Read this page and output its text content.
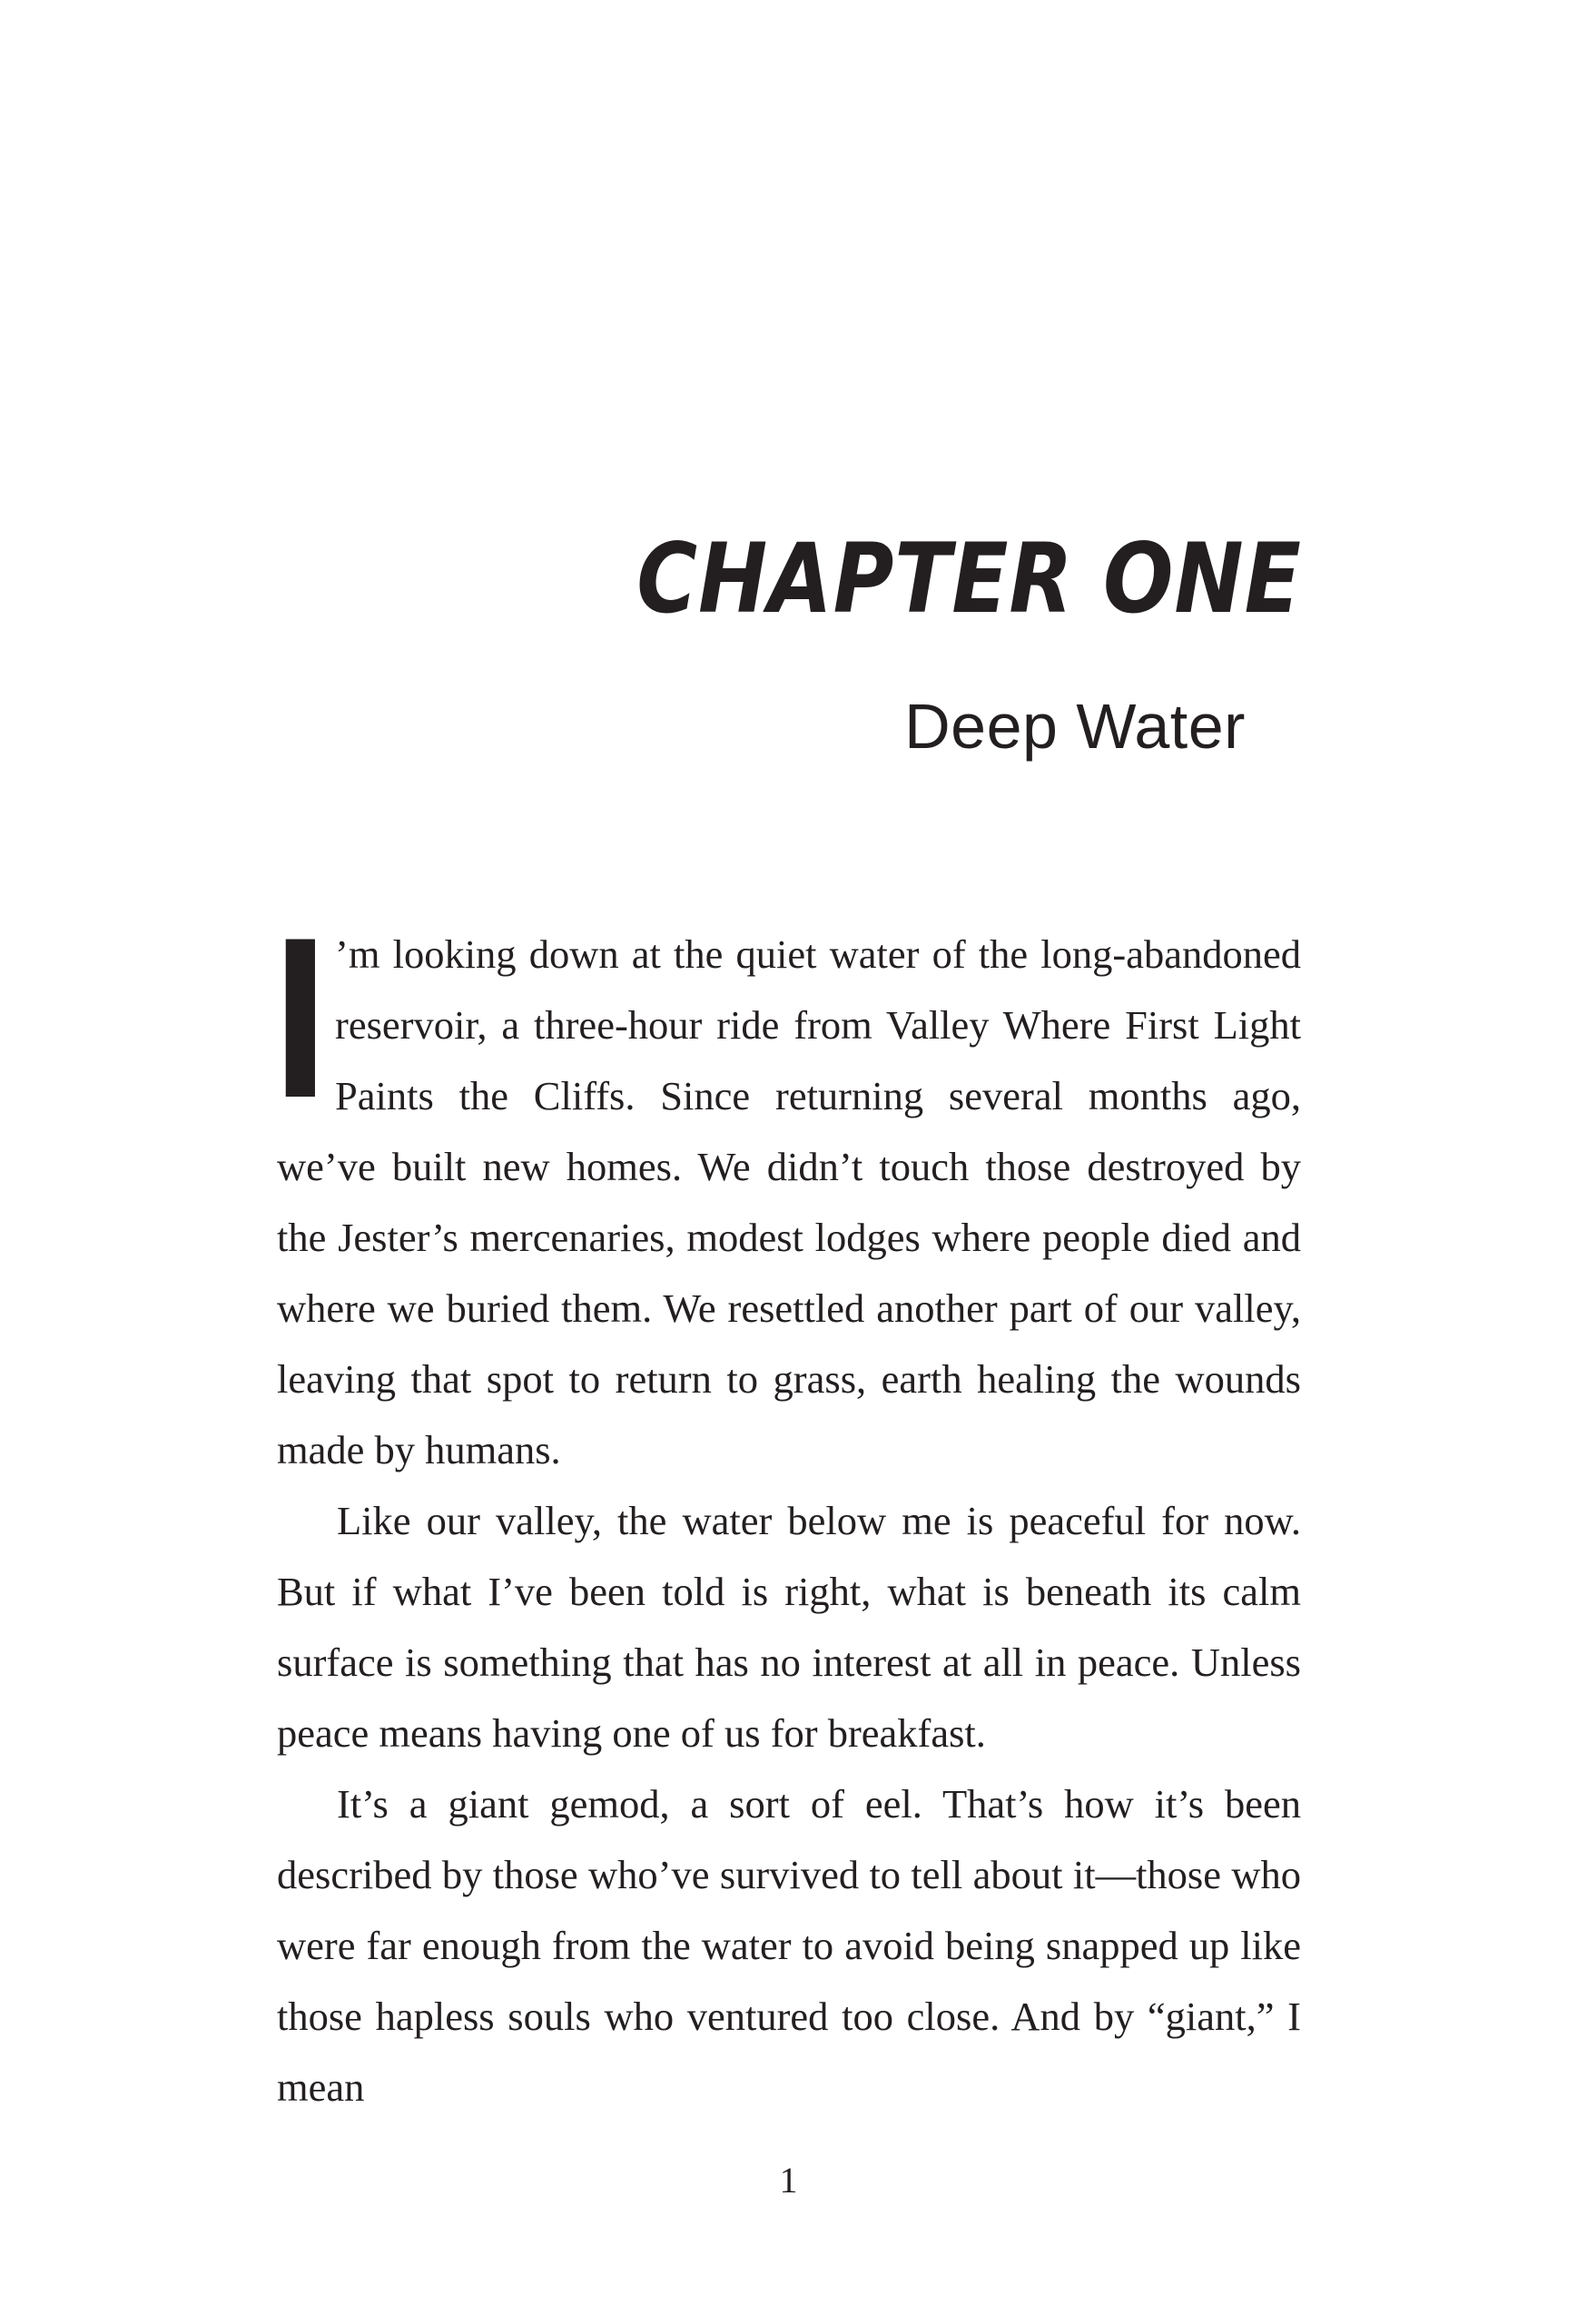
CHAPTER ONE
Deep Water

I ’m looking down at the quiet water of the long-abandoned reservoir, a three-hour ride from Valley Where First Light Paints the Cliffs. Since returning several months ago, we’ve built new homes. We didn’t touch those destroyed by the Jester’s mercenaries, modest lodges where people died and where we buried them. We resettled another part of our valley, leaving that spot to return to grass, earth healing the wounds made by humans.

Like our valley, the water below me is peaceful for now. But if what I’ve been told is right, what is beneath its calm surface is something that has no interest at all in peace. Unless peace means having one of us for breakfast.

It’s a giant gemod, a sort of eel. That’s how it’s been described by those who’ve survived to tell about it—those who were far enough from the water to avoid being snapped up like those hapless souls who ventured too close. And by “giant,” I mean

1
